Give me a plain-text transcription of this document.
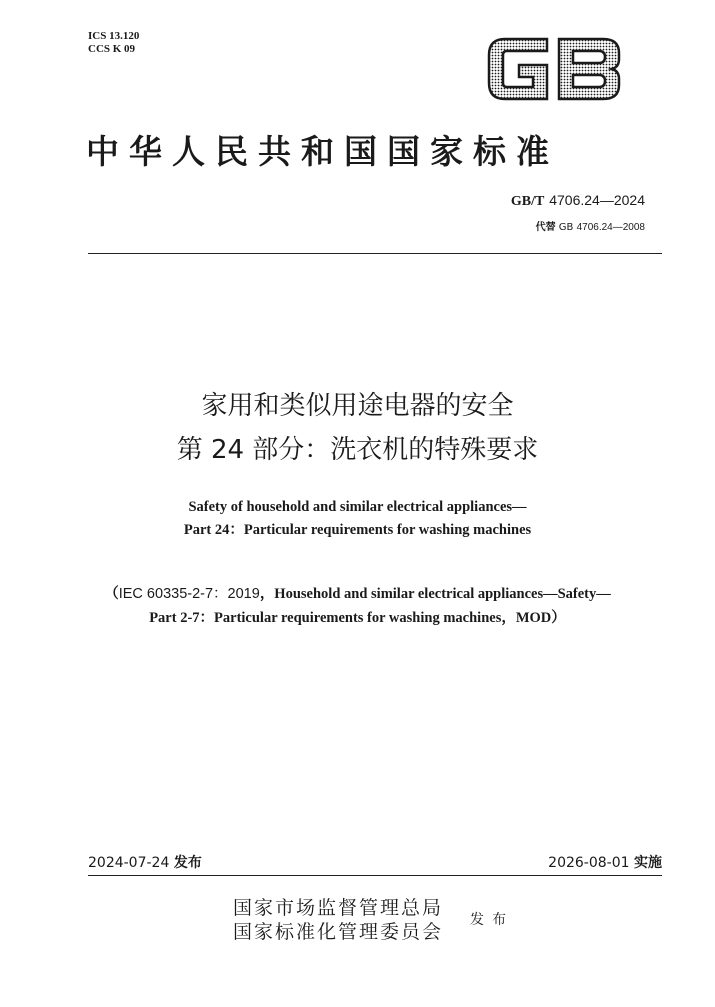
ICS 13.120
CCS K 09
中华人民共和国国家标准
GB/T 4706.24—2024
代替 GB 4706.24—2008
家用和类似用途电器的安全
第 24 部分：洗衣机的特殊要求
Safety of household and similar electrical appliances—
Part 24：Particular requirements for washing machines
（IEC 60335-2-7：2019，Household and similar electrical appliances—Safety—
Part 2-7：Particular requirements for washing machines，MOD）
2024-07-24 发布	2026-08-01 实施
国家市场监督管理总局
国家标准化管理委员会
发布
